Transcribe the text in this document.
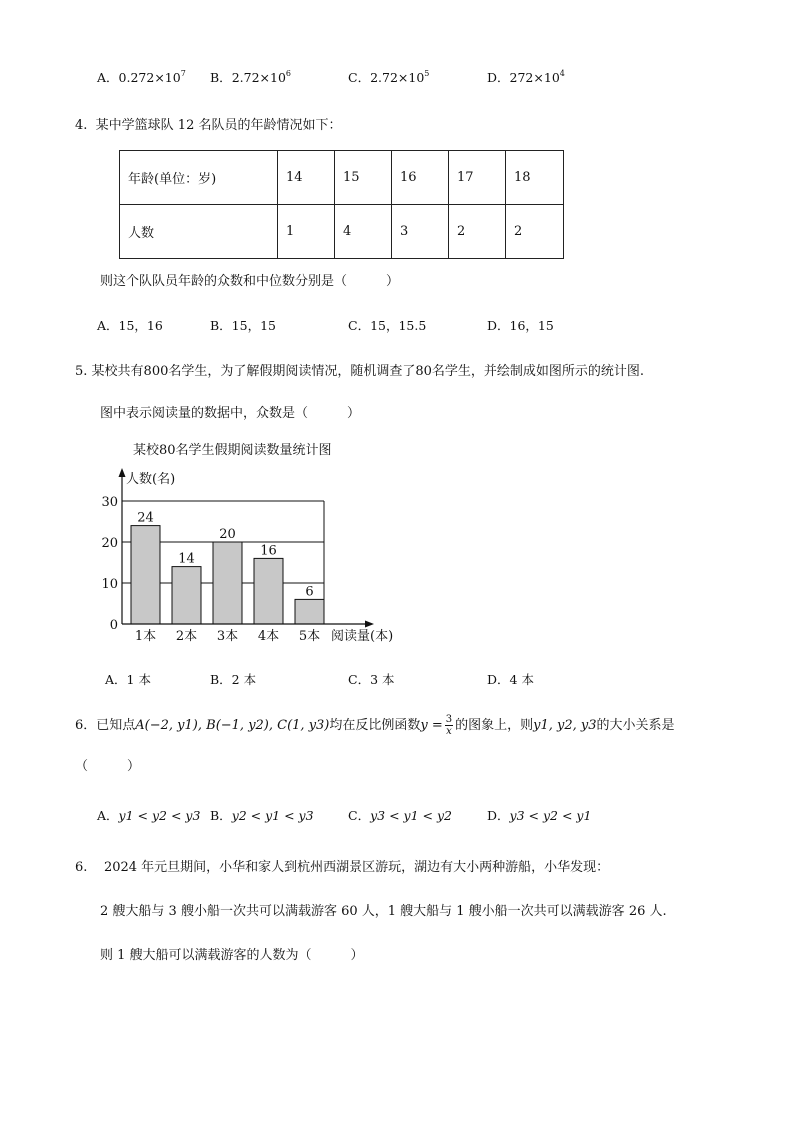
A．$0.272\times 10^7$ B．$2.72\times 10^6$	C．$2.72\times 10^5$	D．$272\times 10^4$
4. 某中学篮球队 12 名队员的年龄情况如下：
年龄(单位：岁)	14	15	16	17	18
人数	1	4	3	2	2
则这个队队员年龄的众数和中位数分别是（　　　）
A．15，16	B．15，15	C．15，15.5	D．16，15
5. 某校共有800名学生，为了解假期阅读情况，随机调查了80名学生，并绘制成如图所示的统计图.
图中表示阅读量的数据中，众数是（　　　）
某校80名学生假期阅读数量统计图
人数(名)
阅读量(本)
0
10
20
30
24
1本
14
2本
20
3本
16
4本
6
5本
A．1 本	B．2 本	C．3 本	D．4 本
6．已知点A(−2, y1), B(−1, y2), C(1, y3)均在反比例函数$y = \frac{3}{x}$ 的图象上，则y1, y2, y3的大小关系是
（　　　）
A．y1 < y2 < y3 B．y2 < y1 < y3	C．y3 < y1 < y2	D．y3 < y2 < y1
6. 2024 年元旦期间，小华和家人到杭州西湖景区游玩，湖边有大小两种游船，小华发现：
2 艘大船与 3 艘小船一次共可以满载游客 60 人，1 艘大船与 1 艘小船一次共可以满载游客 26 人.
则 1 艘大船可以满载游客的人数为（　　　）
